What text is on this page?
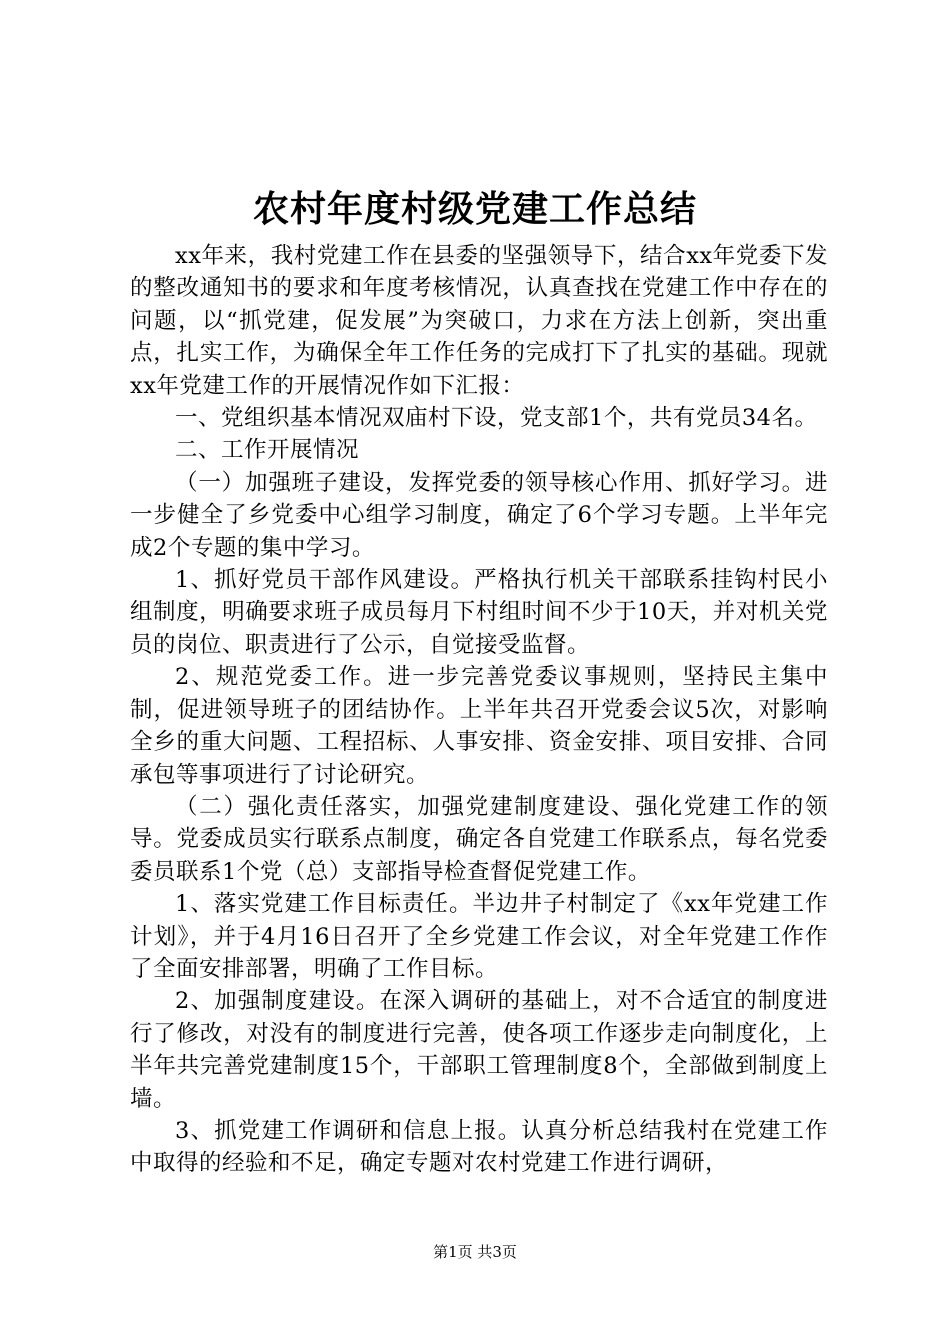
农村年度村级党建工作总结

xx年来，我村党建工作在县委的坚强领导下，结合xx年党委下发的整改通知书的要求和年度考核情况，认真查找在党建工作中存在的问题，以“抓党建，促发展”为突破口，力求在方法上创新，突出重点，扎实工作，为确保全年工作任务的完成打下了扎实的基础。现就xx年党建工作的开展情况作如下汇报：

一、党组织基本情况双庙村下设，党支部1个，共有党员34名。

二、工作开展情况

（一）加强班子建设，发挥党委的领导核心作用、抓好学习。进一步健全了乡党委中心组学习制度，确定了6个学习专题。上半年完成2个专题的集中学习。

1、抓好党员干部作风建设。严格执行机关干部联系挂钩村民小组制度，明确要求班子成员每月下村组时间不少于10天，并对机关党员的岗位、职责进行了公示，自觉接受监督。

2、规范党委工作。进一步完善党委议事规则，坚持民主集中制，促进领导班子的团结协作。上半年共召开党委会议5次，对影响全乡的重大问题、工程招标、人事安排、资金安排、项目安排、合同承包等事项进行了讨论研究。

（二）强化责任落实，加强党建制度建设、强化党建工作的领导。党委成员实行联系点制度，确定各自党建工作联系点，每名党委委员联系1个党（总）支部指导检查督促党建工作。

1、落实党建工作目标责任。半边井子村制定了《xx年党建工作计划》，并于4月16日召开了全乡党建工作会议，对全年党建工作作了全面安排部署，明确了工作目标。

2、加强制度建设。在深入调研的基础上，对不合适宜的制度进行了修改，对没有的制度进行完善，使各项工作逐步走向制度化，上半年共完善党建制度15个，干部职工管理制度8个，全部做到制度上墙。

3、抓党建工作调研和信息上报。认真分析总结我村在党建工作中取得的经验和不足，确定专题对农村党建工作进行调研，

第1页 共3页
